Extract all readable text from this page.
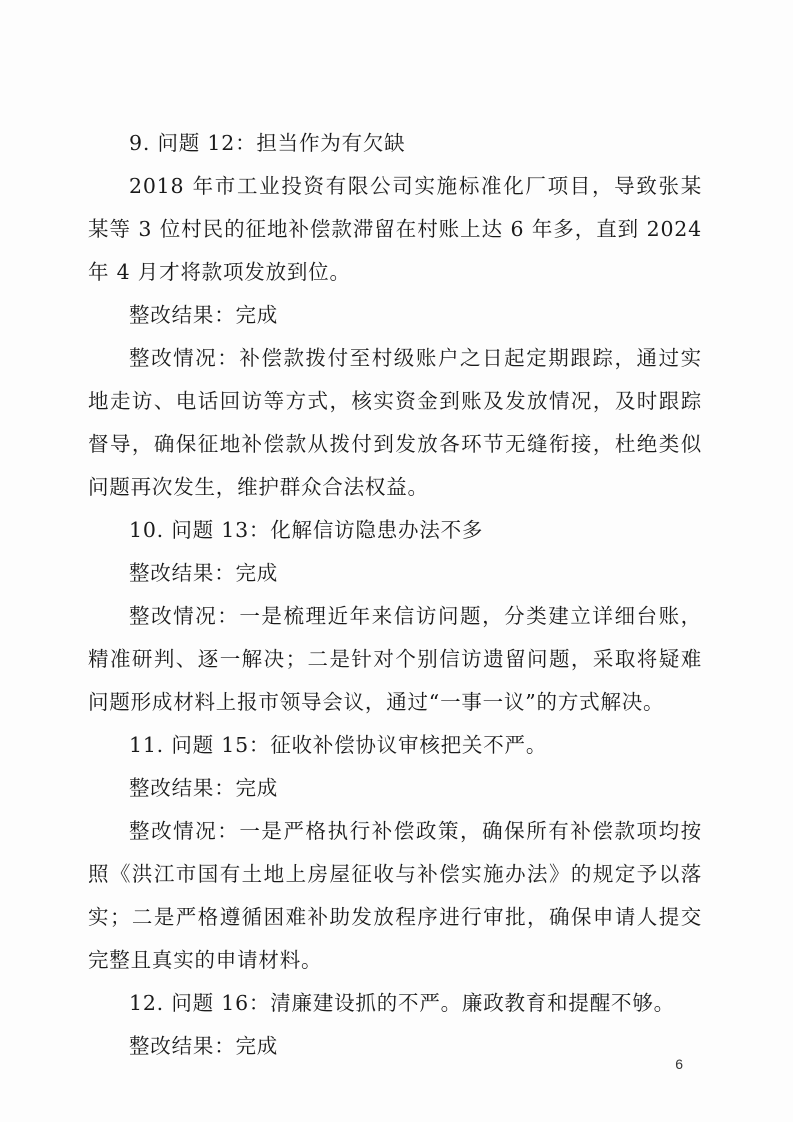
9. 问题 12：担当作为有欠缺

2018 年市工业投资有限公司实施标准化厂项目，导致张某某等 3 位村民的征地补偿款滞留在村账上达 6 年多，直到 2024 年 4 月才将款项发放到位。

整改结果：完成

整改情况：补偿款拨付至村级账户之日起定期跟踪，通过实地走访、电话回访等方式，核实资金到账及发放情况，及时跟踪督导，确保征地补偿款从拨付到发放各环节无缝衔接，杜绝类似问题再次发生，维护群众合法权益。

10. 问题 13：化解信访隐患办法不多

整改结果：完成

整改情况：一是梳理近年来信访问题，分类建立详细台账，精准研判、逐一解决；二是针对个别信访遗留问题，采取将疑难问题形成材料上报市领导会议，通过“一事一议”的方式解决。

11. 问题 15：征收补偿协议审核把关不严。

整改结果：完成

整改情况：一是严格执行补偿政策，确保所有补偿款项均按照《洪江市国有土地上房屋征收与补偿实施办法》的规定予以落实；二是严格遵循困难补助发放程序进行审批，确保申请人提交完整且真实的申请材料。

12. 问题 16：清廉建设抓的不严。廉政教育和提醒不够。

整改结果：完成

6
